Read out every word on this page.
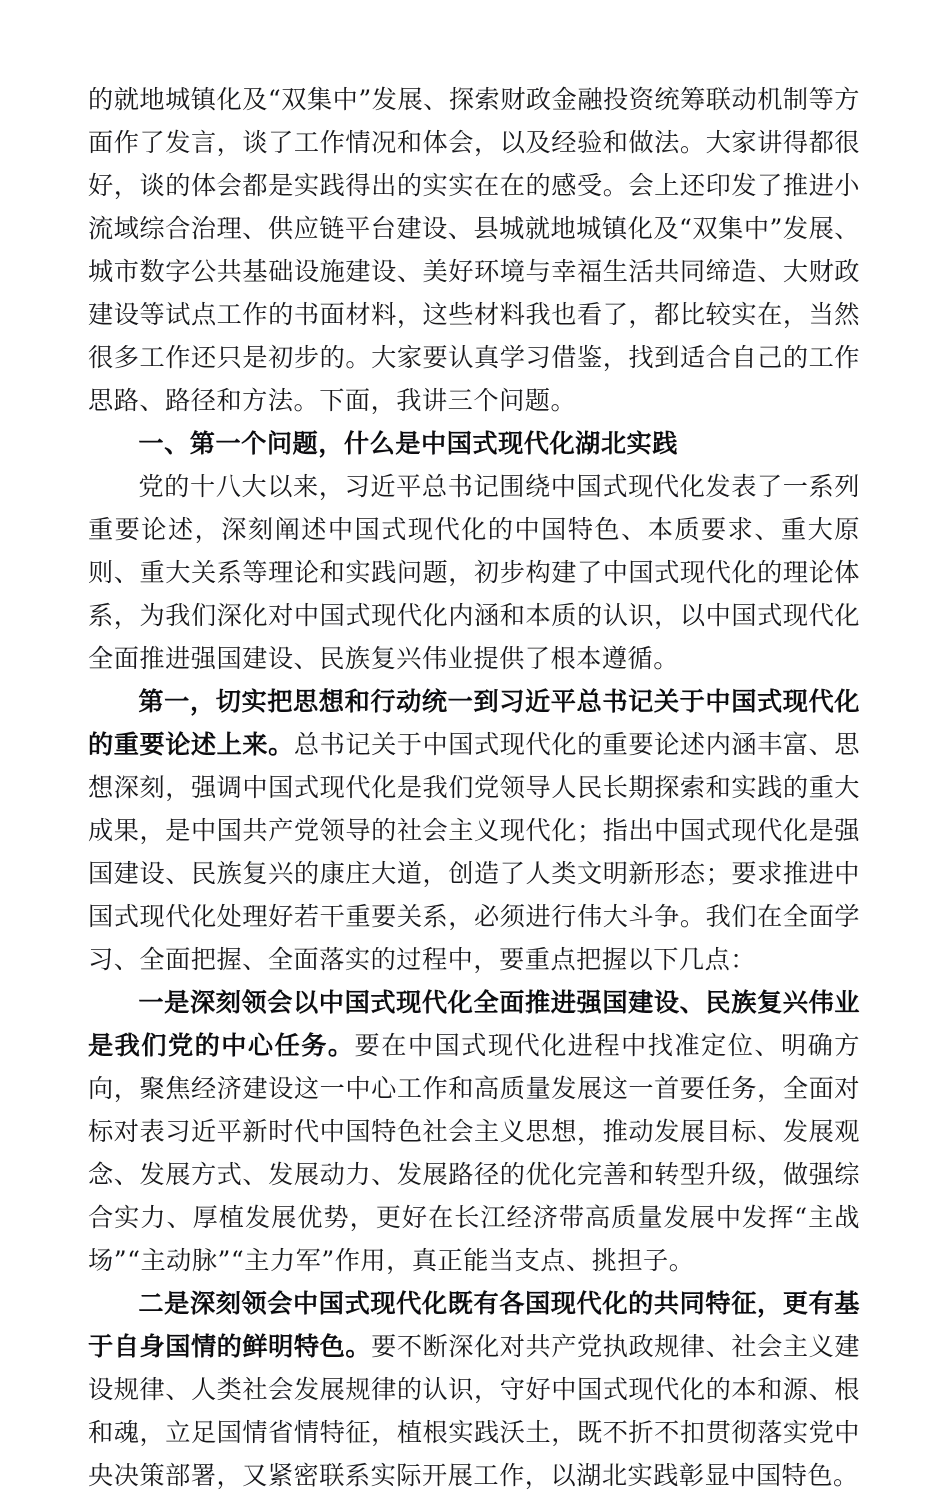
的就地城镇化及“双集中”发展、探索财政金融投资统筹联动机制等方面作了发言，谈了工作情况和体会，以及经验和做法。大家讲得都很好，谈的体会都是实践得出的实实在在的感受。会上还印发了推进小流域综合治理、供应链平台建设、县城就地城镇化及“双集中”发展、城市数字公共基础设施建设、美好环境与幸福生活共同缔造、大财政建设等试点工作的书面材料，这些材料我也看了，都比较实在，当然很多工作还只是初步的。大家要认真学习借鉴，找到适合自己的工作思路、路径和方法。下面，我讲三个问题。

一、第一个问题，什么是中国式现代化湖北实践

党的十八大以来，习近平总书记围绕中国式现代化发表了一系列重要论述，深刻阐述中国式现代化的中国特色、本质要求、重大原则、重大关系等理论和实践问题，初步构建了中国式现代化的理论体系，为我们深化对中国式现代化内涵和本质的认识，以中国式现代化全面推进强国建设、民族复兴伟业提供了根本遵循。

第一，切实把思想和行动统一到习近平总书记关于中国式现代化的重要论述上来。总书记关于中国式现代化的重要论述内涵丰富、思想深刻，强调中国式现代化是我们党领导人民长期探索和实践的重大成果，是中国共产党领导的社会主义现代化；指出中国式现代化是强国建设、民族复兴的康庄大道，创造了人类文明新形态；要求推进中国式现代化处理好若干重要关系，必须进行伟大斗争。我们在全面学习、全面把握、全面落实的过程中，要重点把握以下几点：

一是深刻领会以中国式现代化全面推进强国建设、民族复兴伟业是我们党的中心任务。要在中国式现代化进程中找准定位、明确方向，聚焦经济建设这一中心工作和高质量发展这一首要任务，全面对标对表习近平新时代中国特色社会主义思想，推动发展目标、发展观念、发展方式、发展动力、发展路径的优化完善和转型升级，做强综合实力、厚植发展优势，更好在长江经济带高质量发展中发挥“主战场”“主动脉”“主力军”作用，真正能当支点、挑担子。

二是深刻领会中国式现代化既有各国现代化的共同特征，更有基于自身国情的鲜明特色。要不断深化对共产党执政规律、社会主义建设规律、人类社会发展规律的认识，守好中国式现代化的本和源、根和魂，立足国情省情特征，植根实践沃土，既不折不扣贯彻落实党中央决策部署，又紧密联系实际开展工作，以湖北实践彰显中国特色。
